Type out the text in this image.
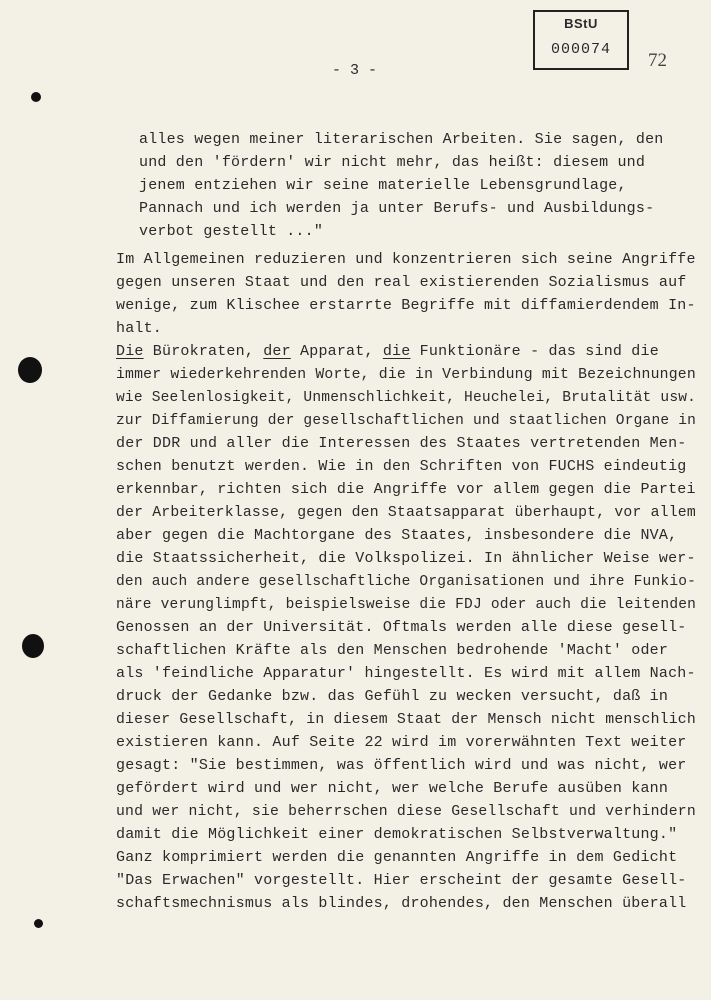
BStU
000074
72
- 3 -
alles wegen meiner literarischen Arbeiten. Sie sagen, den
und den 'fördern' wir nicht mehr, das heißt: diesem und
jenem entziehen wir seine materielle Lebensgrundlage,
Pannach und ich werden ja unter Berufs- und Ausbildungs-
verbot gestellt ..."
Im Allgemeinen reduzieren und konzentrieren sich seine Angriffe
gegen unseren Staat und den real existierenden Sozialismus auf
wenige, zum Klischee erstarrte Begriffe mit diffamierdendem In-
halt.
Die Bürokraten, der Apparat, die Funktionäre - das sind die
immer wiederkehrenden Worte, die in Verbindung mit Bezeichnungen
wie Seelenlosigkeit, Unmenschlichkeit, Heuchelei, Brutalität usw.
zur Diffamierung der gesellschaftlichen und staatlichen Organe in
der DDR und aller die Interessen des Staates vertretenden Men-
schen benutzt werden. Wie in den Schriften von FUCHS eindeutig
erkennbar, richten sich die Angriffe vor allem gegen die Partei
der Arbeiterklasse, gegen den Staatsapparat überhaupt, vor allem
aber gegen die Machtorgane des Staates, insbesondere die NVA,
die Staatssicherheit, die Volkspolizei. In ähnlicher Weise wer-
den auch andere gesellschaftliche Organisationen und ihre Funkio-
näre verunglimpft, beispielsweise die FDJ oder auch die leitenden
Genossen an der Universität. Oftmals werden alle diese gesell-
schaftlichen Kräfte als den Menschen bedrohende 'Macht' oder
als 'feindliche Apparatur' hingestellt. Es wird mit allem Nach-
druck der Gedanke bzw. das Gefühl zu wecken versucht, daß in
dieser Gesellschaft, in diesem Staat der Mensch nicht menschlich
existieren kann. Auf Seite 22 wird im vorerwähnten Text weiter
gesagt: "Sie bestimmen, was öffentlich wird und was nicht, wer
gefördert wird und wer nicht, wer welche Berufe ausüben kann
und wer nicht, sie beherrschen diese Gesellschaft und verhindern
damit die Möglichkeit einer demokratischen Selbstverwaltung."
Ganz komprimiert werden die genannten Angriffe in dem Gedicht
"Das Erwachen" vorgestellt. Hier erscheint der gesamte Gesell-
schaftsmechnismus als blindes, drohendes, den Menschen überall
